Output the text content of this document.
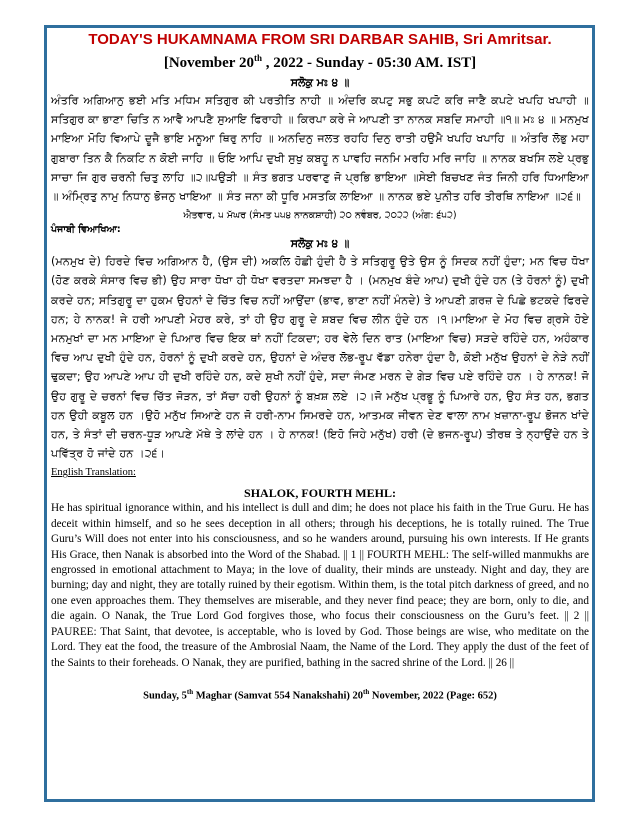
TODAY'S HUKAMNAMA FROM SRI DARBAR SAHIB, Sri Amritsar.

[November 20th , 2022 - Sunday - 05:30 AM. IST]

ਸਲੋਕੁ ਮਃ ੪ ॥

ਅੰਤਰਿ ਅਗਿਆਨੁ ਭਈ ਮਤਿ ਮਧਿਮ ਸਤਿਗੁਰ ਕੀ ਪਰਤੀਤਿ ਨਾਹੀ ॥ ਅੰਦਰਿ ਕਪਟੁ ਸਭੁ ਕਪਟੋ ਕਰਿ ਜਾਣੈ ਕਪਟੇ ਖਪਹਿ ਖਪਾਹੀ ॥ ਸਤਿਗੁਰ ਕਾ ਭਾਣਾ ਚਿਤਿ ਨ ਆਵੈ ਆਪਣੈ ਸੁਆਇ ਫਿਰਾਹੀ ॥ ਕਿਰਪਾ ਕਰੇ ਜੇ ਆਪਣੀ ਤਾ ਨਾਨਕ ਸਬਦਿ ਸਮਾਹੀ ॥੧॥ ਮਃ ੪ ॥ ਮਨਮੁਖ ਮਾਇਆ ਮੋਹਿ ਵਿਆਪੇ ਦੂਜੈ ਭਾਇ ਮਨੂਆ ਥਿਰੁ ਨਾਹਿ ॥ ਅਨਦਿਨੁ ਜਲਤ ਰਹਹਿ ਦਿਨੁ ਰਾਤੀ ਹਉਮੈ ਖਪਹਿ ਖਪਾਹਿ ॥ ਅੰਤਰਿ ਲੋਭੁ ਮਹਾ ਗੁਬਾਰਾ ਤਿਨ ਕੈ ਨਿਕਟਿ ਨ ਕੋਈ ਜਾਹਿ ॥ ਓਇ ਆਪਿ ਦੁਖੀ ਸੁਖੁ ਕਬਹੂ ਨ ਪਾਵਹਿ ਜਨਮਿ ਮਰਹਿ ਮਰਿ ਜਾਹਿ ॥ ਨਾਨਕ ਬਖਸਿ ਲਏ ਪ੍ਰਭੁ ਸਾਚਾ ਜਿ ਗੁਰ ਚਰਨੀ ਚਿਤੁ ਲਾਹਿ ॥੨॥ਪਉੜੀ ॥ ਸੰਤ ਭਗਤ ਪਰਵਾਣੁ ਜੋ ਪ੍ਰਭਿ ਭਾਇਆ ॥ਸੇਈ ਬਿਚਖਣ ਜੰਤ ਜਿਨੀ ਹਰਿ ਧਿਆਇਆ ॥ ਅੰਮ੍ਰਿਤੁ ਨਾਮੁ ਨਿਧਾਨੁ ਭੋਜਨੁ ਖਾਇਆ ॥ ਸੰਤ ਜਨਾ ਕੀ ਧੂਰਿ ਮਸਤਕਿ ਲਾਇਆ ॥ ਨਾਨਕ ਭਏ ਪੁਨੀਤ ਹਰਿ ਤੀਰਥਿ ਨਾਇਆ ॥੨੬॥

ਐਤਵਾਰ, ੫ ਮੱਘਰ (ਸੰਮਤ ੫੫੪ ਨਾਨਕਸ਼ਾਹੀ) ੨੦ ਨਵੰਬਰ, ੨੦੨੨ (ਅੰਗ: ੬੫੨)

ਪੰਜਾਬੀ ਵਿਆਖਿਆ:

ਸਲੋਕੁ ਮਃ ੪ ॥

(ਮਨਮੁਖ ਦੇ) ਹਿਰਦੇ ਵਿਚ ਅਗਿਆਨ ਹੈ, (ਉਸ ਦੀ) ਅਕਲਿ ਹੋਛੀ ਹੁੰਦੀ ਹੈ ਤੇ ਸਤਿਗੁਰੂ ਉਤੇ ਉਸ ਨੂੰ ਸਿਦਕ ਨਹੀਂ ਹੁੰਦਾ; ਮਨ ਵਿਚ ਧੋਖਾ (ਹੋਣ ਕਰਕੇ ਸੰਸਾਰ ਵਿਚ ਭੀ) ਉਹ ਸਾਰਾ ਧੋਖਾ ਹੀ ਧੋਖਾ ਵਰਤਦਾ ਸਮਝਦਾ ਹੈ । (ਮਨਮੁਖ ਬੰਦੇ ਆਪ) ਦੁਖੀ ਹੁੰਦੇ ਹਨ (ਤੇ ਹੋਰਨਾਂ ਨੂੰ) ਦੁਖੀ ਕਰਦੇ ਹਨ; ਸਤਿਗੁਰੂ ਦਾ ਹੁਕਮ ਉਹਨਾਂ ਦੇ ਚਿੱਤ ਵਿਚ ਨਹੀਂ ਆਉਂਦਾ (ਭਾਵ, ਭਾਣਾ ਨਹੀਂ ਮੰਨਦੇ) ਤੇ ਆਪਣੀ ਗ਼ਰਜ਼ ਦੇ ਪਿਛੇ ਭਟਕਦੇ ਫਿਰਦੇ ਹਨ; ਹੇ ਨਾਨਕ! ਜੇ ਹਰੀ ਆਪਣੀ ਮੇਹਰ ਕਰੇ, ਤਾਂ ਹੀ ਉਹ ਗੁਰੂ ਦੇ ਸ਼ਬਦ ਵਿਚ ਲੀਨ ਹੁੰਦੇ ਹਨ ।੧।ਮਾਇਆ ਦੇ ਮੋਹ ਵਿਚ ਗ੍ਰਸੇ ਹੋਏ ਮਨਮੁਖਾਂ ਦਾ ਮਨ ਮਾਇਆ ਦੇ ਪਿਆਰ ਵਿਚ ਇਕ ਥਾਂ ਨਹੀਂ ਟਿਕਦਾ; ਹਰ ਵੇਲੇ ਦਿਨ ਰਾਤ (ਮਾਇਆ ਵਿਚ) ਸੜਦੇ ਰਹਿੰਦੇ ਹਨ, ਅਹੰਕਾਰ ਵਿਚ ਆਪ ਦੁਖੀ ਹੁੰਦੇ ਹਨ, ਹੋਰਨਾਂ ਨੂੰ ਦੁਖੀ ਕਰਦੇ ਹਨ, ਉਹਨਾਂ ਦੇ ਅੰਦਰ ਲੋਭ-ਰੂਪ ਵੱਡਾ ਹਨੇਰਾ ਹੁੰਦਾ ਹੈ, ਕੋਈ ਮਨੁੱਖ ਉਹਨਾਂ ਦੇ ਨੇੜੇ ਨਹੀਂ ਢੁਕਦਾ; ਉਹ ਆਪਣੇ ਆਪ ਹੀ ਦੁਖੀ ਰਹਿੰਦੇ ਹਨ, ਕਦੇ ਸੁਖੀ ਨਹੀਂ ਹੁੰਦੇ, ਸਦਾ ਜੰਮਣ ਮਰਨ ਦੇ ਗੇੜ ਵਿਚ ਪਏ ਰਹਿੰਦੇ ਹਨ । ਹੇ ਨਾਨਕ! ਜੋ ਉਹ ਗੁਰੂ ਦੇ ਚਰਨਾਂ ਵਿਚ ਚਿੱਤ ਜੋੜਨ, ਤਾਂ ਸੱਚਾ ਹਰੀ ਉਹਨਾਂ ਨੂੰ ਬਖ਼ਸ਼ ਲਏ ।੨।ਜੋ ਮਨੁੱਖ ਪ੍ਰਭੂ ਨੂੰ ਪਿਆਰੇ ਹਨ, ਉਹ ਸੰਤ ਹਨ, ਭਗਤ ਹਨ ਉਹੀ ਕਬੂਲ ਹਨ ।ਉਹੋ ਮਨੁੱਖ ਸਿਆਣੇ ਹਨ ਜੋ ਹਰੀ-ਨਾਮ ਸਿਮਰਦੇ ਹਨ, ਆਤਮਕ ਜੀਵਨ ਦੇਣ ਵਾਲਾ ਨਾਮ ਖ਼ਜ਼ਾਨਾ-ਰੂਪ ਭੋਜਨ ਖਾਂਦੇ ਹਨ, ਤੇ ਸੰਤਾਂ ਦੀ ਚਰਨ-ਧੂੜ ਆਪਣੇ ਮੱਥੇ ਤੇ ਲਾਂਦੇ ਹਨ । ਹੇ ਨਾਨਕ! (ਇਹੋ ਜਿਹੇ ਮਨੁੱਖ) ਹਰੀ (ਦੇ ਭਜਨ-ਰੂਪ) ਤੀਰਥ ਤੇ ਨ੍ਹਾਉਂਦੇ ਹਨ ਤੇ ਪਵਿੱਤ੍ਰ ਹੋ ਜਾਂਦੇ ਹਨ ।੨੬।

English Translation:

SHALOK, FOURTH MEHL:

He has spiritual ignorance within, and his intellect is dull and dim; he does not place his faith in the True Guru. He has deceit within himself, and so he sees deception in all others; through his deceptions, he is totally ruined. The True Guru’s Will does not enter into his consciousness, and so he wanders around, pursuing his own interests. If He grants His Grace, then Nanak is absorbed into the Word of the Shabad. || 1 || FOURTH MEHL: The self-willed manmukhs are engrossed in emotional attachment to Maya; in the love of duality, their minds are unsteady. Night and day, they are burning; day and night, they are totally ruined by their egotism. Within them, is the total pitch darkness of greed, and no one even approaches them. They themselves are miserable, and they never find peace; they are born, only to die, and die again. O Nanak, the True Lord God forgives those, who focus their consciousness on the Guru’s feet. || 2 || PAUREE: That Saint, that devotee, is acceptable, who is loved by God. Those beings are wise, who meditate on the Lord. They eat the food, the treasure of the Ambrosial Naam, the Name of the Lord. They apply the dust of the feet of the Saints to their foreheads. O Nanak, they are purified, bathing in the sacred shrine of the Lord. || 26 ||

Sunday, 5th Maghar (Samvat 554 Nanakshahi) 20th November, 2022 (Page: 652)
